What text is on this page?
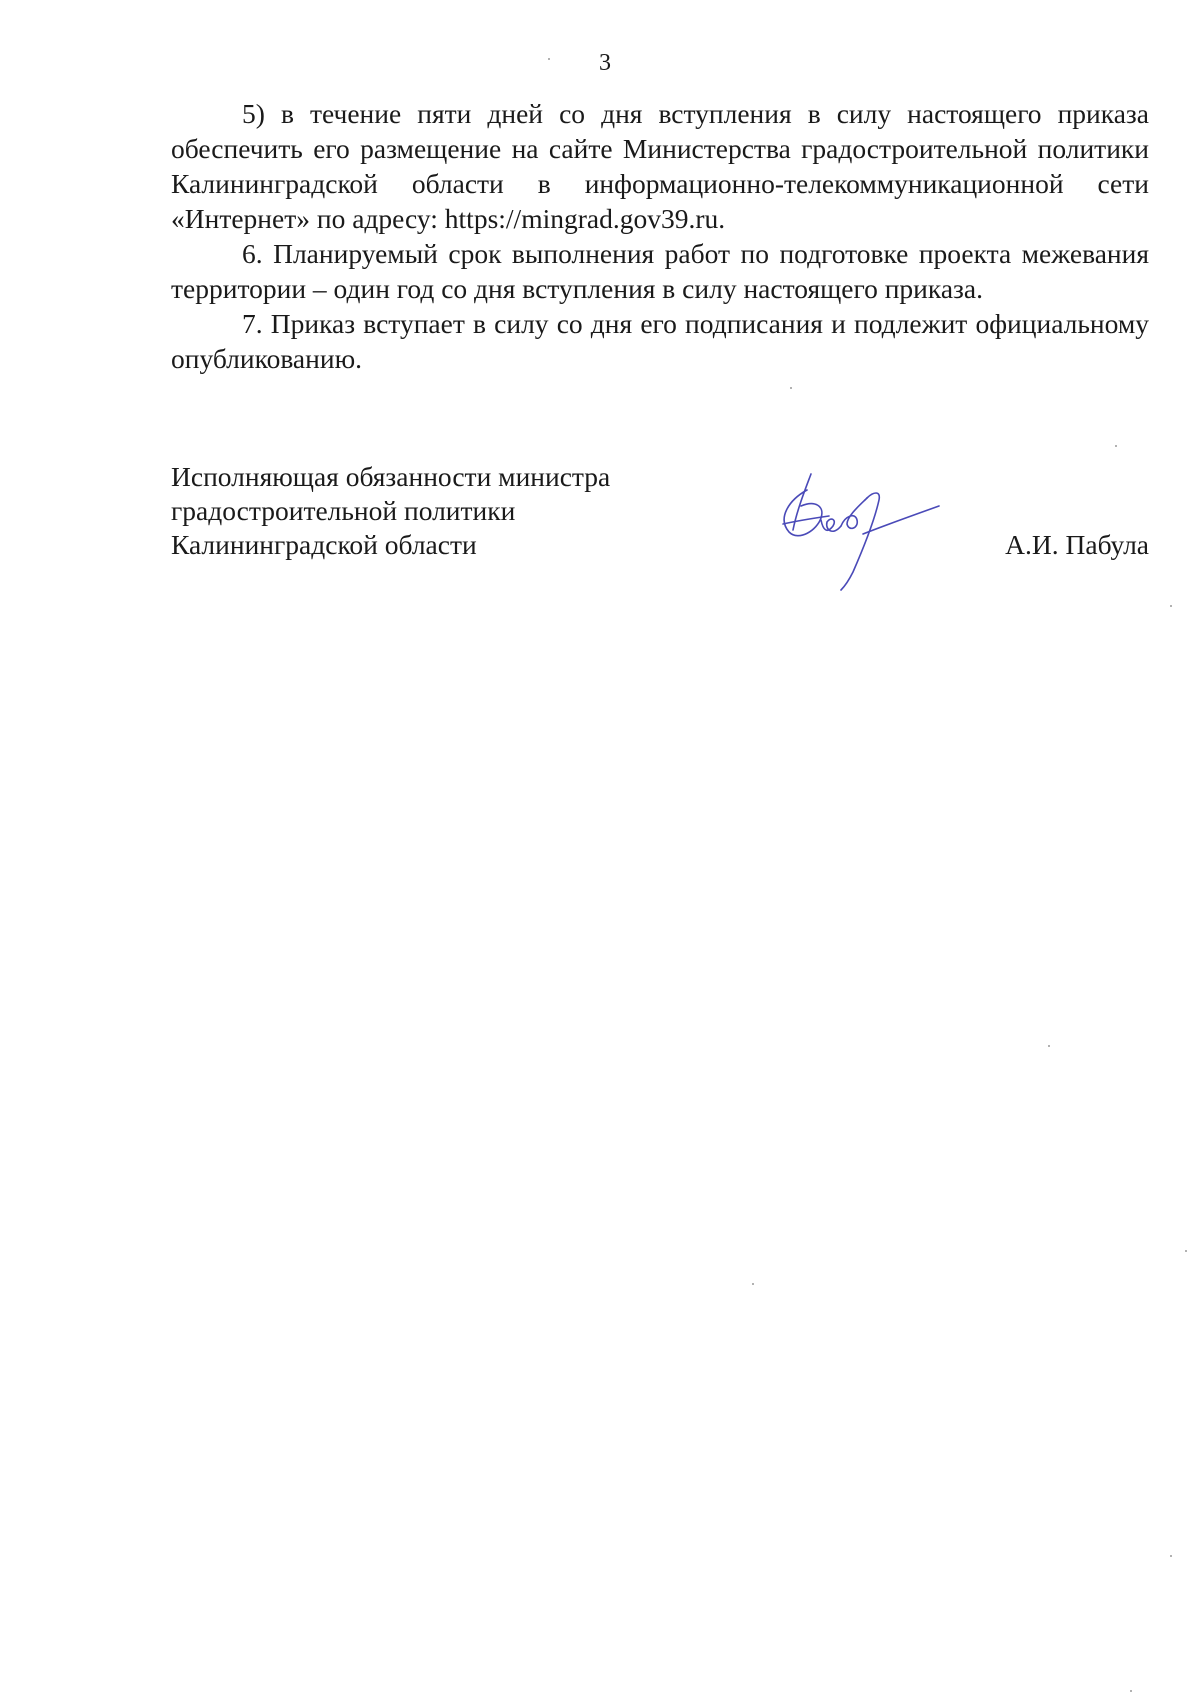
3

5) в течение пяти дней со дня вступления в силу настоящего приказа обеспечить его размещение на сайте Министерства градостроительной политики Калининградской области в информационно-телекоммуникационной сети «Интернет» по адресу: https://mingrad.gov39.ru.

6. Планируемый срок выполнения работ по подготовке проекта межевания территории – один год со дня вступления в силу настоящего приказа.

7. Приказ вступает в силу со дня его подписания и подлежит официальному опубликованию.

Исполняющая обязанности министра
градостроительной политики
Калининградской области	А.И. Пабула
